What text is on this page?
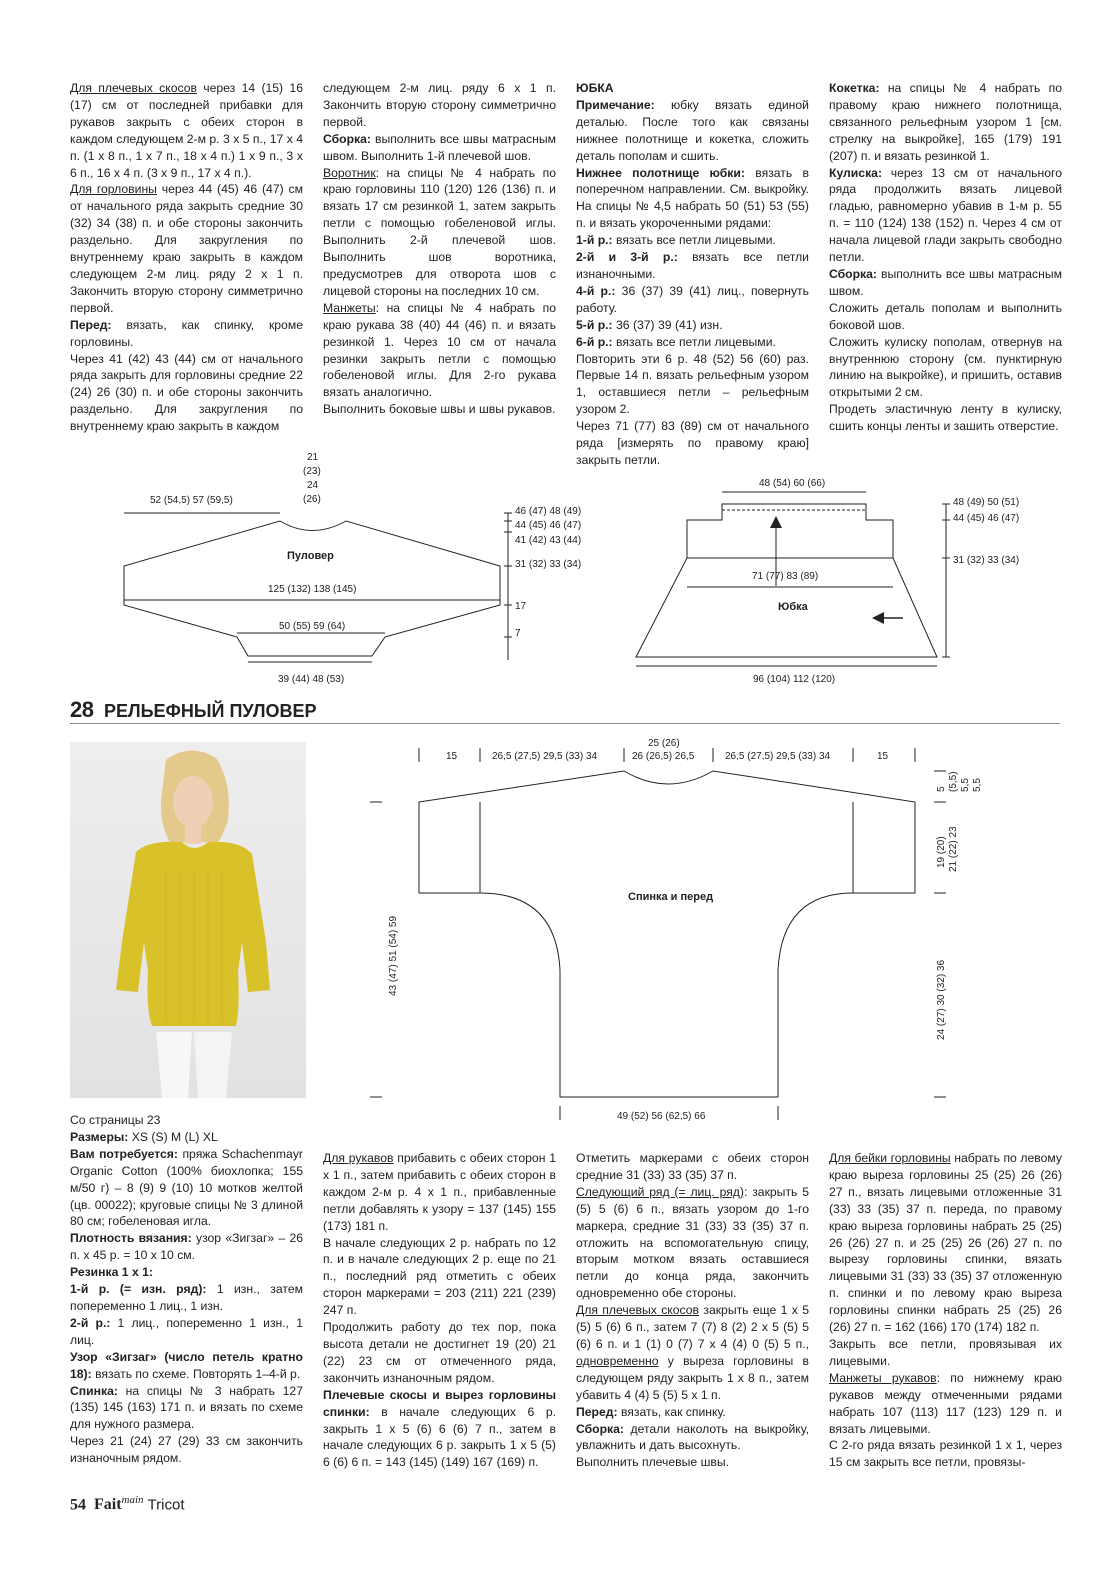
Для плечевых скосов через 14 (15) 16 (17) см от последней прибавки для рукавов закрыть с обеих сторон в каждом следующем 2-м р. 3 х 5 п., 17 х 4 п. (1 х 8 п., 1 х 7 п., 18 х 4 п.) 1 х 9 п., 3 х 6 п., 16 х 4 п. (3 х 9 п., 17 х 4 п.).

Для горловины через 44 (45) 46 (47) см от начального ряда закрыть средние 30 (32) 34 (38) п. и обе стороны закончить раздельно. Для закругления по внутреннему краю закрыть в каждом следующем 2-м лиц. ряду 2 х 1 п. Закончить вторую сторону симметрично первой.

Перед: вязать, как спинку, кроме горловины.

Через 41 (42) 43 (44) см от начального ряда закрыть для горловины средние 22 (24) 26 (30) п. и обе стороны закончить раздельно. Для закругления по внутреннему краю закрыть в каждом

следующем 2-м лиц. ряду 6 х 1 п. Закончить вторую сторону симметрично первой.

Сборка: выполнить все швы матрасным швом. Выполнить 1-й плечевой шов.

Воротник: на спицы № 4 набрать по краю горловины 110 (120) 126 (136) п. и вязать 17 см резинкой 1, затем закрыть петли с помощью гобеленовой иглы. Выполнить 2-й плечевой шов. Выполнить шов воротника, предусмотрев для отворота шов с лицевой стороны на последних 10 см.

Манжеты: на спицы № 4 набрать по краю рукава 38 (40) 44 (46) п. и вязать резинкой 1. Через 10 см от начала резинки закрыть петли с помощью гобеленовой иглы. Для 2-го рукава вязать аналогично.

Выполнить боковые швы и швы рукавов.

ЮБКА

Примечание: юбку вязать единой деталью. После того как связаны нижнее полотнище и кокетка, сложить деталь пополам и сшить.

Нижнее полотнище юбки: вязать в поперечном направлении. См. выкройку. На спицы № 4,5 набрать 50 (51) 53 (55) п. и вязать укороченными рядами:

1-й р.: вязать все петли лицевыми.

2-й и 3-й р.: вязать все петли изнаночными.

4-й р.: 36 (37) 39 (41) лиц., повернуть работу.

5-й р.: 36 (37) 39 (41) изн.

6-й р.: вязать все петли лицевыми.

Повторить эти 6 р. 48 (52) 56 (60) раз. Первые 14 п. вязать рельефным узором 1, оставшиеся петли – рельефным узором 2.

Через 71 (77) 83 (89) см от начального ряда [измерять по правому краю] закрыть петли.

Кокетка: на спицы № 4 набрать по правому краю нижнего полотнища, связанного рельефным узором 1 [см. стрелку на выкройке], 165 (179) 191 (207) п. и вязать резинкой 1.

Кулиска: через 13 см от начального ряда продолжить вязать лицевой гладью, равномерно убавив в 1-м р. 55 п. = 110 (124) 138 (152) п. Через 4 см от начала лицевой глади закрыть свободно петли.

Сборка: выполнить все швы матрасным швом.

Сложить деталь пополам и выполнить боковой шов.

Сложить кулиску пополам, отвернув на внутреннюю сторону (см. пунктирную линию на выкройке), и пришить, оставив открытыми 2 см.

Продеть эластичную ленту в кулиску, сшить концы ленты и зашить отверстие.

Пуловер
21
(23)
24
(26)
52 (54,5) 57 (59,5)
125 (132) 138 (145)
50 (55) 59 (64)
39 (44) 48 (53)
46 (47) 48 (49)
44 (45) 46 (47)
41 (42) 43 (44)
31 (32) 33 (34)
17
7
48 (54) 60 (66)
71 (77) 83 (89)
Юбка
96 (104) 112 (120)
48 (49) 50 (51)
44 (45) 46 (47)
31 (32) 33 (34)
28 РЕЛЬЕФНЫЙ ПУЛОВЕР
25 (26)
15	26,5 (27,5) 29,5 (33) 34	26 (26,5) 26,5	26,5 (27,5) 29,5 (33) 34	15
Спинка и перед
49 (52) 56 (62,5) 66
5 (5,5) 5,5 5,5
19 (20) 21 (22) 23
24 (27) 30 (32) 36
43 (47) 51 (54) 59

Со страницы 23

Размеры: XS (S) M (L) XL

Вам потребуется: пряжа Schachenmayr Organic Cotton (100% биохлопка; 155 м/50 г) – 8 (9) 9 (10) 10 мотков желтой (цв. 00022); круговые спицы № 3 длиной 80 см; гобеленовая игла.

Плотность вязания: узор «Зигзаг» – 26 п. х 45 р. = 10 х 10 см.

Резинка 1 х 1:

1-й р. (= изн. ряд): 1 изн., затем попеременно 1 лиц., 1 изн.

2-й р.: 1 лиц., попеременно 1 изн., 1 лиц.

Узор «Зигзаг» (число петель кратно 18): вязать по схеме. Повторять 1–4-й р.

Спинка: на спицы № 3 набрать 127 (135) 145 (163) 171 п. и вязать по схеме для нужного размера.

Через 21 (24) 27 (29) 33 см закончить изнаночным рядом.

Для рукавов прибавить с обеих сторон 1 х 1 п., затем прибавить с обеих сторон в каждом 2-м р. 4 х 1 п., прибавленные петли добавлять к узору = 137 (145) 155 (173) 181 п.

В начале следующих 2 р. набрать по 12 п. и в начале следующих 2 р. еще по 21 п., последний ряд отметить с обеих сторон маркерами = 203 (211) 221 (239) 247 п.

Продолжить работу до тех пор, пока высота детали не достигнет 19 (20) 21 (22) 23 см от отмеченного ряда, закончить изнаночным рядом.

Плечевые скосы и вырез горловины спинки: в начале следующих 6 р. закрыть 1 х 5 (6) 6 (6) 7 п., затем в начале следующих 6 р. закрыть 1 х 5 (5) 6 (6) 6 п. = 143 (145) (149) 167 (169) п.

Отметить маркерами с обеих сторон средние 31 (33) 33 (35) 37 п.

Следующий ряд (= лиц. ряд): закрыть 5 (5) 5 (6) 6 п., вязать узором до 1-го маркера, средние 31 (33) 33 (35) 37 п. отложить на вспомогательную спицу, вторым мотком вязать оставшиеся петли до конца ряда, закончить одновременно обе стороны.

Для плечевых скосов закрыть еще 1 х 5 (5) 5 (6) 6 п., затем 7 (7) 8 (2) 2 х 5 (5) 5 (6) 6 п. и 1 (1) 0 (7) 7 х 4 (4) 0 (5) 5 п., одновременно у выреза горловины в следующем ряду закрыть 1 х 8 п., затем убавить 4 (4) 5 (5) 5 х 1 п.

Перед: вязать, как спинку.

Сборка: детали наколоть на выкройку, увлажнить и дать высохнуть.

Выполнить плечевые швы.

Для бейки горловины набрать по левому краю выреза горловины 25 (25) 26 (26) 27 п., вязать лицевыми отложенные 31 (33) 33 (35) 37 п. переда, по правому краю выреза горловины набрать 25 (25) 26 (26) 27 п. и 25 (25) 26 (26) 27 п. по вырезу горловины спинки, вязать лицевыми 31 (33) 33 (35) 37 отложенную п. спинки и по левому краю выреза горловины спинки набрать 25 (25) 26 (26) 27 п. = 162 (166) 170 (174) 182 п.

Закрыть все петли, провязывая их лицевыми.

Манжеты рукавов: по нижнему краю рукавов между отмеченными рядами набрать 107 (113) 117 (123) 129 п. и вязать лицевыми.

С 2-го ряда вязать резинкой 1 х 1, через 15 см закрыть все петли, провязы-

54 Fait$^{main}$ Tricot
